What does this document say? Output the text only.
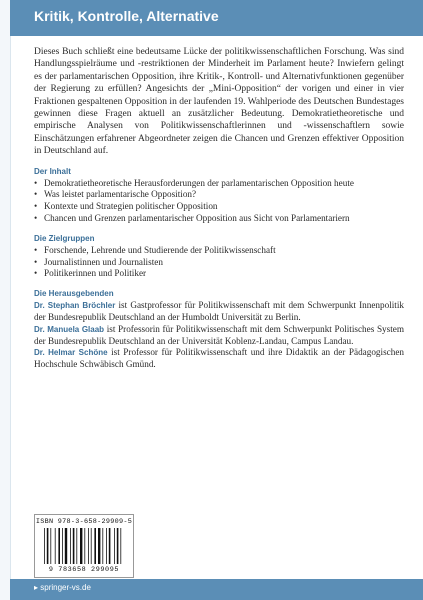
Kritik, Kontrolle, Alternative

Dieses Buch schließt eine bedeutsame Lücke der politikwissenschaftlichen Forschung. Was sind Handlungsspielräume und -restriktionen der Minderheit im Parlament heute? Inwiefern gelingt es der parlamentarischen Opposition, ihre Kritik-, Kontroll- und Alternativfunktionen gegenüber der Regierung zu erfüllen? Angesichts der „Mini-Opposition“ der vorigen und einer in vier Fraktionen gespaltenen Opposition in der laufenden 19. Wahlperiode des Deutschen Bundestages gewinnen diese Fragen aktuell an zusätzlicher Bedeutung. Demokratietheoretische und empirische Analysen von Politikwissenschaftlerinnen und -wissenschaftlern sowie Einschätzungen erfahrener Abgeordneter zeigen die Chancen und Grenzen effektiver Opposition in Deutschland auf.

Der Inhalt
• Demokratietheoretische Herausforderungen der parlamentarischen Opposition heute
• Was leistet parlamentarische Opposition?
• Kontexte und Strategien politischer Opposition
• Chancen und Grenzen parlamentarischer Opposition aus Sicht von Parlamentariern
Die Zielgruppen
• Forschende, Lehrende und Studierende der Politikwissenschaft
• Journalistinnen und Journalisten
• Politikerinnen und Politiker
Die Herausgebenden

Dr. Stephan Bröchler ist Gastprofessor für Politikwissenschaft mit dem Schwerpunkt Innenpolitik der Bundesrepublik Deutschland an der Humboldt Universität zu Berlin.

Dr. Manuela Glaab ist Professorin für Politikwissenschaft mit dem Schwerpunkt Politisches System der Bundesrepublik Deutschland an der Universität Koblenz-Landau, Campus Landau.

Dr. Helmar Schöne ist Professor für Politikwissenschaft und ihre Didaktik an der Pädagogischen Hochschule Schwäbisch Gmünd.

ISBN 978-3-658-29909-5
9 783658 299095
▸ springer-vs.de
